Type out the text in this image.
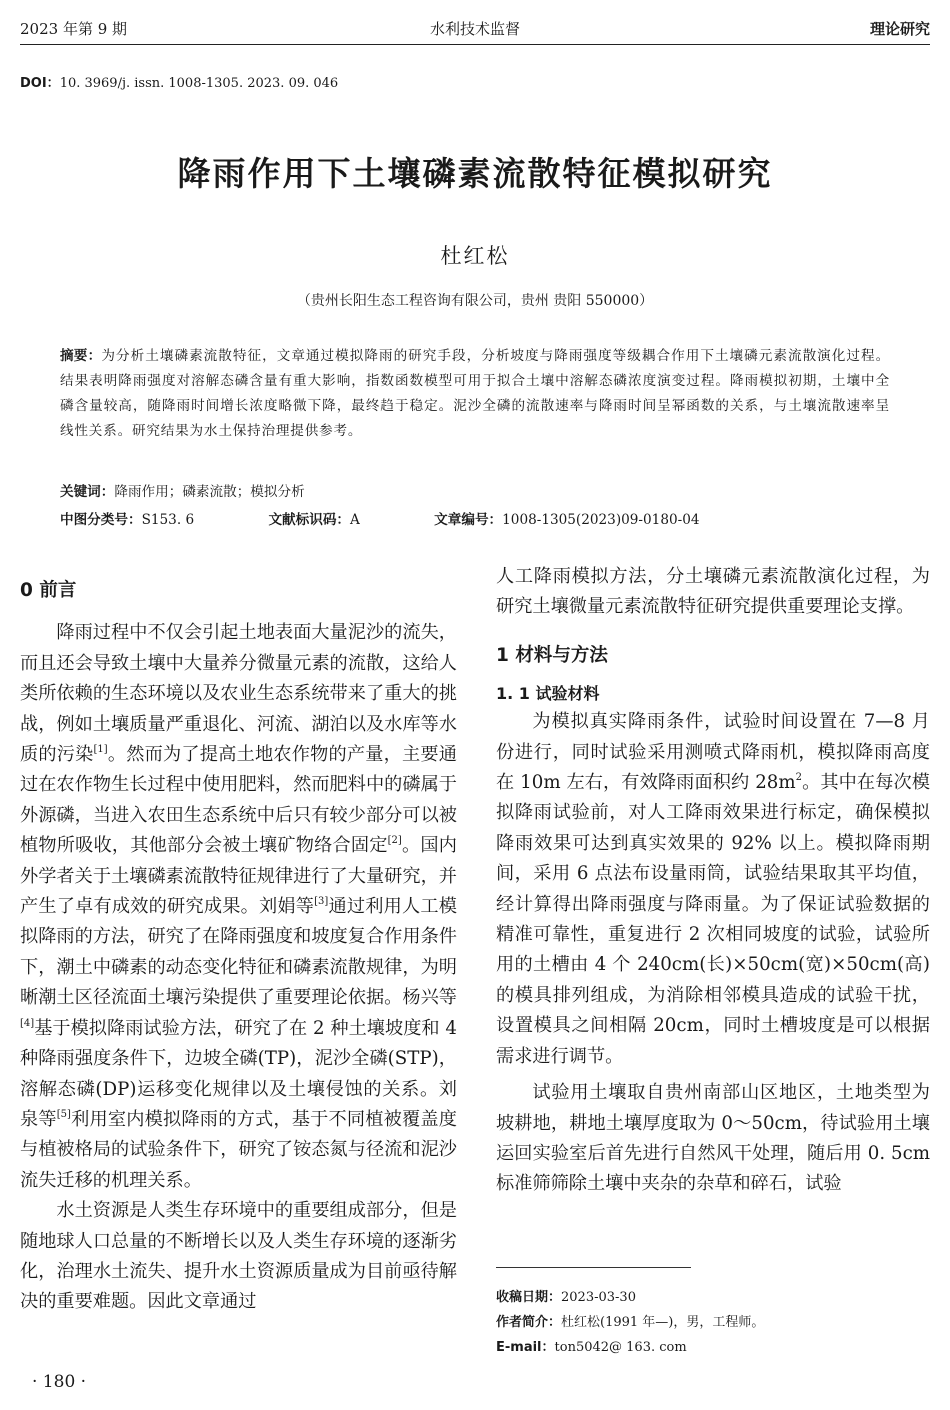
2023 年第 9 期	水利技术监督	理论研究
DOI：10. 3969/j. issn. 1008-1305. 2023. 09. 046
降雨作用下土壤磷素流散特征模拟研究
杜红松
（贵州长阳生态工程咨询有限公司，贵州 贵阳 550000）
摘要：为分析土壤磷素流散特征，文章通过模拟降雨的研究手段，分析坡度与降雨强度等级耦合作用下土壤磷元素流散演化过程。结果表明降雨强度对溶解态磷含量有重大影响，指数函数模型可用于拟合土壤中溶解态磷浓度演变过程。降雨模拟初期，土壤中全磷含量较高，随降雨时间增长浓度略微下降，最终趋于稳定。泥沙全磷的流散速率与降雨时间呈幂函数的关系，与土壤流散速率呈线性关系。研究结果为水土保持治理提供参考。
关键词：降雨作用；磷素流散；模拟分析
中图分类号：S153. 6	文献标识码：A	文章编号：1008-1305(2023)09-0180-04
0 前言

降雨过程中不仅会引起土地表面大量泥沙的流失，而且还会导致土壤中大量养分微量元素的流散，这给人类所依赖的生态环境以及农业生态系统带来了重大的挑战，例如土壤质量严重退化、河流、湖泊以及水库等水质的污染[1]。然而为了提高土地农作物的产量，主要通过在农作物生长过程中使用肥料，然而肥料中的磷属于外源磷，当进入农田生态系统中后只有较少部分可以被植物所吸收，其他部分会被土壤矿物络合固定[2]。国内外学者关于土壤磷素流散特征规律进行了大量研究，并产生了卓有成效的研究成果。刘娟等[3]通过利用人工模拟降雨的方法，研究了在降雨强度和坡度复合作用条件下，潮土中磷素的动态变化特征和磷素流散规律，为明晰潮土区径流面土壤污染提供了重要理论依据。杨兴等[4]基于模拟降雨试验方法，研究了在 2 种土壤坡度和 4 种降雨强度条件下，边坡全磷(TP)，泥沙全磷(STP)，溶解态磷(DP)运移变化规律以及土壤侵蚀的关系。刘泉等[5]利用室内模拟降雨的方式，基于不同植被覆盖度与植被格局的试验条件下，研究了铵态氮与径流和泥沙流失迁移的机理关系。

水土资源是人类生存环境中的重要组成部分，但是随地球人口总量的不断增长以及人类生存环境的逐渐劣化，治理水土流失、提升水土资源质量成为目前亟待解决的重要难题。因此文章通过

人工降雨模拟方法，分土壤磷元素流散演化过程，为研究土壤微量元素流散特征研究提供重要理论支撑。

1 材料与方法
1. 1 试验材料

为模拟真实降雨条件，试验时间设置在 7—8 月份进行，同时试验采用测喷式降雨机，模拟降雨高度在 10m 左右，有效降雨面积约 $28m^2$。其中在每次模拟降雨试验前，对人工降雨效果进行标定，确保模拟降雨效果可达到真实效果的 92% 以上。模拟降雨期间，采用 6 点法布设量雨筒，试验结果取其平均值，经计算得出降雨强度与降雨量。为了保证试验数据的精准可靠性，重复进行 2 次相同坡度的试验，试验所用的土槽由 4 个 240cm(长)×50cm(宽)×50cm(高)的模具排列组成，为消除相邻模具造成的试验干扰，设置模具之间相隔 20cm，同时土槽坡度是可以根据需求进行调节。

试验用土壤取自贵州南部山区地区，土地类型为坡耕地，耕地土壤厚度取为 0～50cm，待试验用土壤运回实验室后首先进行自然风干处理，随后用 0. 5cm 标准筛筛除土壤中夹杂的杂草和碎石，试验

收稿日期：2023-03-30
作者简介：杜红松(1991 年—)，男，工程师。
E-mail：ton5042@ 163. com
· 180 ·
